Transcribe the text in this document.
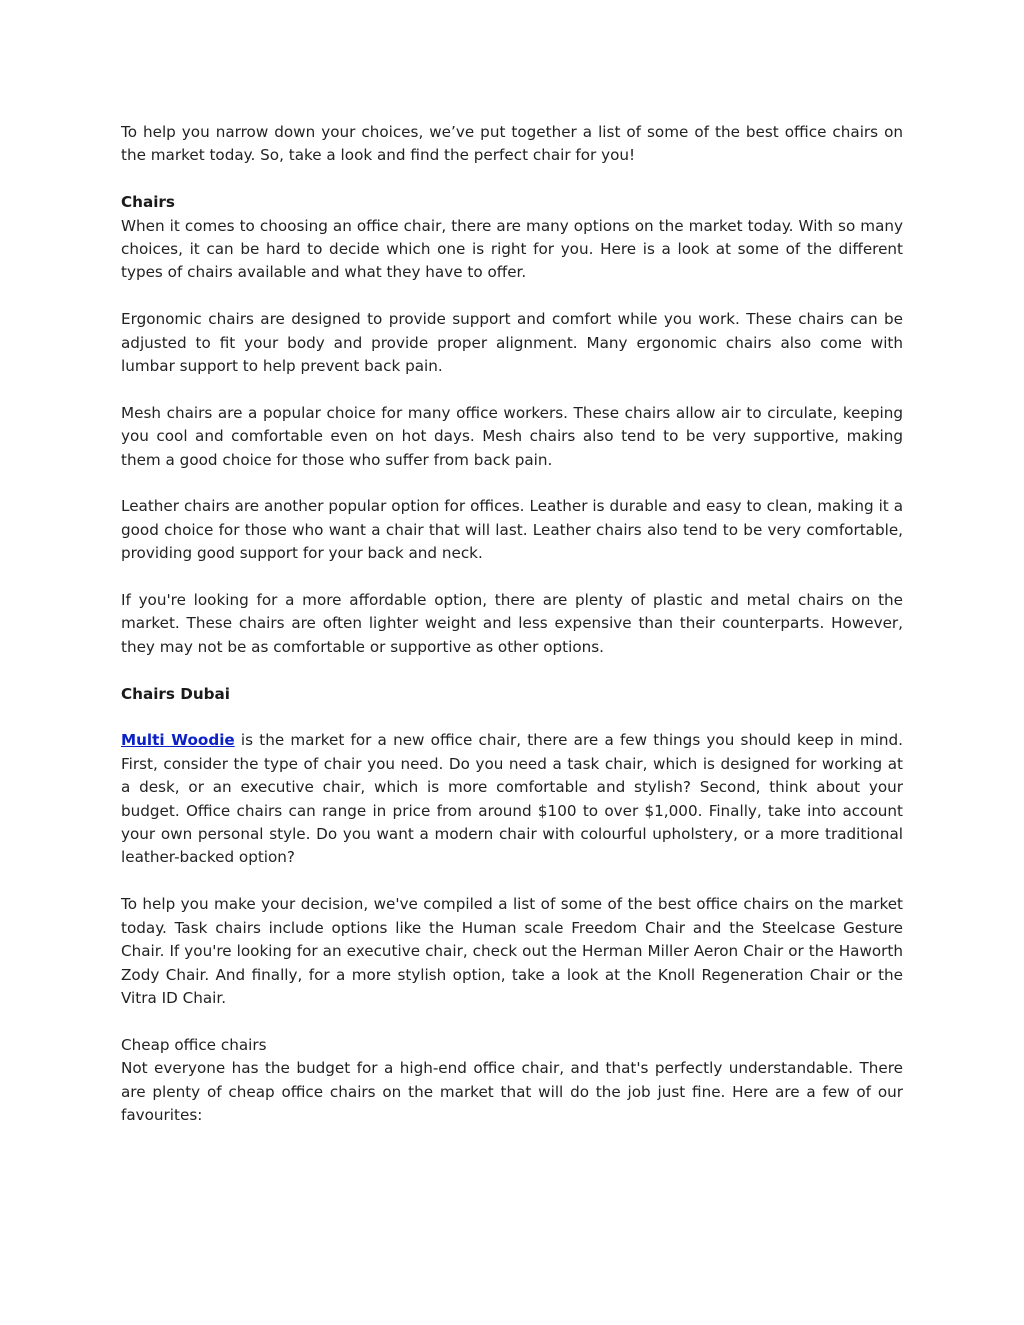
To help you narrow down your choices, we’ve put together a list of some of the best office chairs on the market today. So, take a look and find the perfect chair for you!

Chairs

When it comes to choosing an office chair, there are many options on the market today. With so many choices, it can be hard to decide which one is right for you. Here is a look at some of the different types of chairs available and what they have to offer.

Ergonomic chairs are designed to provide support and comfort while you work. These chairs can be adjusted to fit your body and provide proper alignment. Many ergonomic chairs also come with lumbar support to help prevent back pain.

Mesh chairs are a popular choice for many office workers. These chairs allow air to circulate, keeping you cool and comfortable even on hot days. Mesh chairs also tend to be very supportive, making them a good choice for those who suffer from back pain.

Leather chairs are another popular option for offices. Leather is durable and easy to clean, making it a good choice for those who want a chair that will last. Leather chairs also tend to be very comfortable, providing good support for your back and neck.

If you're looking for a more affordable option, there are plenty of plastic and metal chairs on the market. These chairs are often lighter weight and less expensive than their counterparts. However, they may not be as comfortable or supportive as other options.

Chairs Dubai

Multi Woodie is the market for a new office chair, there are a few things you should keep in mind. First, consider the type of chair you need. Do you need a task chair, which is designed for working at a desk, or an executive chair, which is more comfortable and stylish? Second, think about your budget. Office chairs can range in price from around $100 to over $1,000. Finally, take into account your own personal style. Do you want a modern chair with colourful upholstery, or a more traditional leather-backed option?

To help you make your decision, we've compiled a list of some of the best office chairs on the market today. Task chairs include options like the Human scale Freedom Chair and the Steelcase Gesture Chair. If you're looking for an executive chair, check out the Herman Miller Aeron Chair or the Haworth Zody Chair. And finally, for a more stylish option, take a look at the Knoll Regeneration Chair or the Vitra ID Chair.

Cheap office chairs

Not everyone has the budget for a high-end office chair, and that's perfectly understandable. There are plenty of cheap office chairs on the market that will do the job just fine. Here are a few of our favourites:
